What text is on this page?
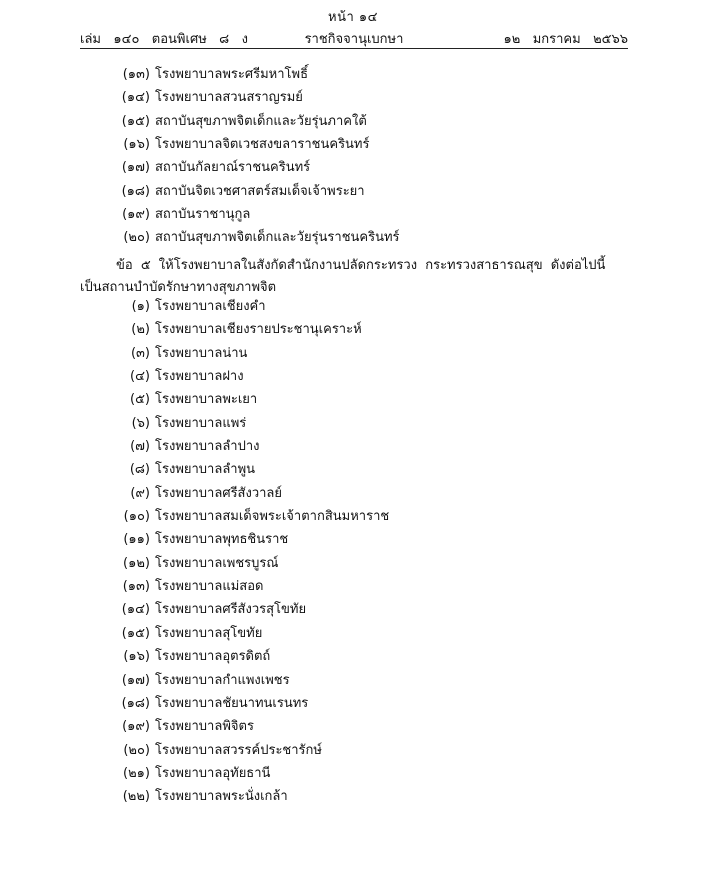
หน้า ๑๔
เล่ม   ๑๔๐   ตอนพิเศษ   ๘   ง	ราชกิจจานุเบกษา	๑๒   มกราคม   ๒๕๖๖
(๑๓) โรงพยาบาลพระศรีมหาโพธิ์
(๑๔) โรงพยาบาลสวนสราญรมย์
(๑๕) สถาบันสุขภาพจิตเด็กและวัยรุ่นภาคใต้
(๑๖) โรงพยาบาลจิตเวชสงขลาราชนครินทร์
(๑๗) สถาบันกัลยาณ์ราชนครินทร์
(๑๘) สถาบันจิตเวชศาสตร์สมเด็จเจ้าพระยา
(๑๙) สถาบันราชานุกูล
(๒๐) สถาบันสุขภาพจิตเด็กและวัยรุ่นราชนครินทร์
ข้อ ๕ ให้โรงพยาบาลในสังกัดสำนักงานปลัดกระทรวง กระทรวงสาธารณสุข ดังต่อไปนี้
เป็นสถานบำบัดรักษาทางสุขภาพจิต
(๑) โรงพยาบาลเชียงคำ
(๒) โรงพยาบาลเชียงรายประชานุเคราะห์
(๓) โรงพยาบาลน่าน
(๔) โรงพยาบาลฝาง
(๕) โรงพยาบาลพะเยา
(๖) โรงพยาบาลแพร่
(๗) โรงพยาบาลลำปาง
(๘) โรงพยาบาลลำพูน
(๙) โรงพยาบาลศรีสังวาลย์
(๑๐) โรงพยาบาลสมเด็จพระเจ้าตากสินมหาราช
(๑๑) โรงพยาบาลพุทธชินราช
(๑๒) โรงพยาบาลเพชรบูรณ์
(๑๓) โรงพยาบาลแม่สอด
(๑๔) โรงพยาบาลศรีสังวรสุโขทัย
(๑๕) โรงพยาบาลสุโขทัย
(๑๖) โรงพยาบาลอุตรดิตถ์
(๑๗) โรงพยาบาลกำแพงเพชร
(๑๘) โรงพยาบาลชัยนาทนเรนทร
(๑๙) โรงพยาบาลพิจิตร
(๒๐) โรงพยาบาลสวรรค์ประชารักษ์
(๒๑) โรงพยาบาลอุทัยธานี
(๒๒) โรงพยาบาลพระนั่งเกล้า
